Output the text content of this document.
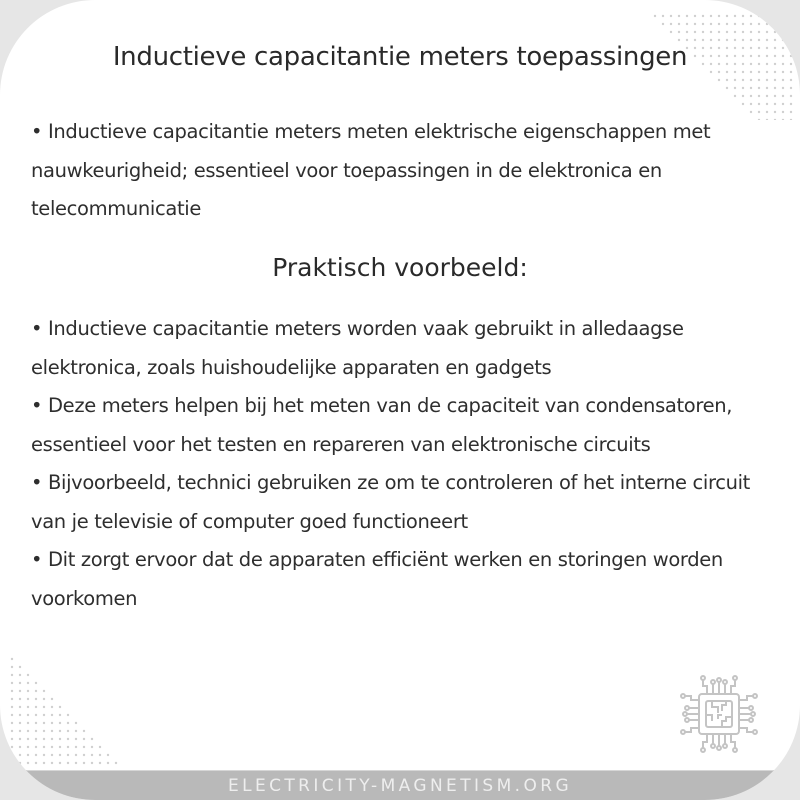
Inductieve capacitantie meters toepassingen

• Inductieve capacitantie meters meten elektrische eigenschappen met nauwkeurigheid; essentieel voor toepassingen in de elektronica en telecommunicatie

Praktisch voorbeeld:

• Inductieve capacitantie meters worden vaak gebruikt in alledaagse elektronica, zoals huishoudelijke apparaten en gadgets

• Deze meters helpen bij het meten van de capaciteit van condensatoren, essentieel voor het testen en repareren van elektronische circuits

• Bijvoorbeeld, technici gebruiken ze om te controleren of het interne circuit van je televisie of computer goed functioneert

• Dit zorgt ervoor dat de apparaten efficiënt werken en storingen worden voorkomen

ELECTRICITY-MAGNETISM.ORG
